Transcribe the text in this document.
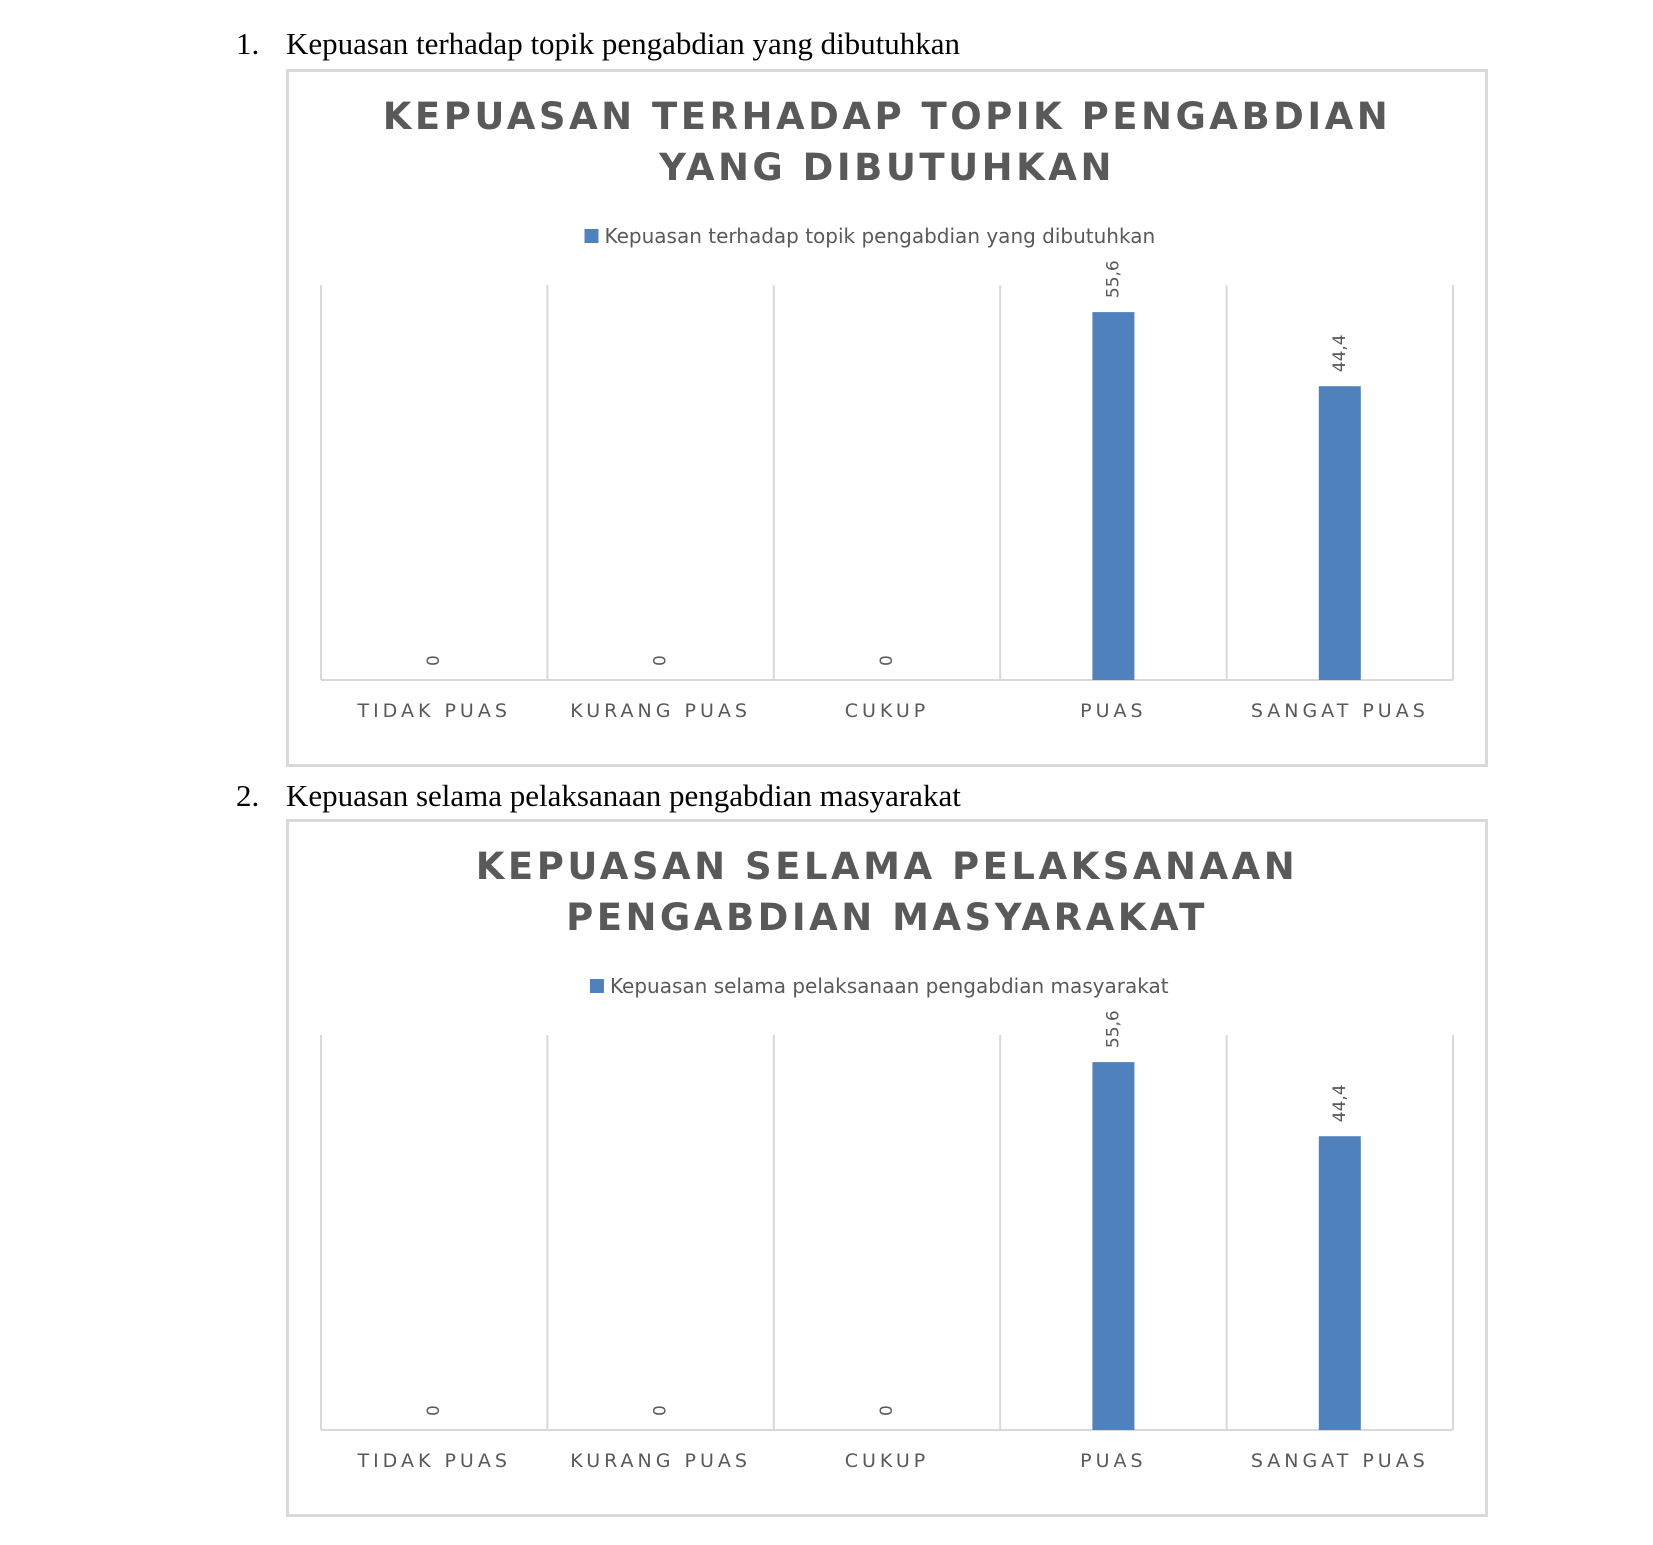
1. Kepuasan terhadap topik pengabdian yang dibutuhkan
KEPUASAN TERHADAP TOPIK PENGABDIAN
YANG DIBUTUHKAN
Kepuasan terhadap topik pengabdian yang dibutuhkan
0
TIDAK PUAS
0
KURANG PUAS
0
CUKUP
55,6
PUAS
44,4
SANGAT PUAS
2. Kepuasan selama pelaksanaan pengabdian masyarakat
KEPUASAN SELAMA PELAKSANAAN
PENGABDIAN MASYARAKAT
Kepuasan selama pelaksanaan pengabdian masyarakat
0
TIDAK PUAS
0
KURANG PUAS
0
CUKUP
55,6
PUAS
44,4
SANGAT PUAS
